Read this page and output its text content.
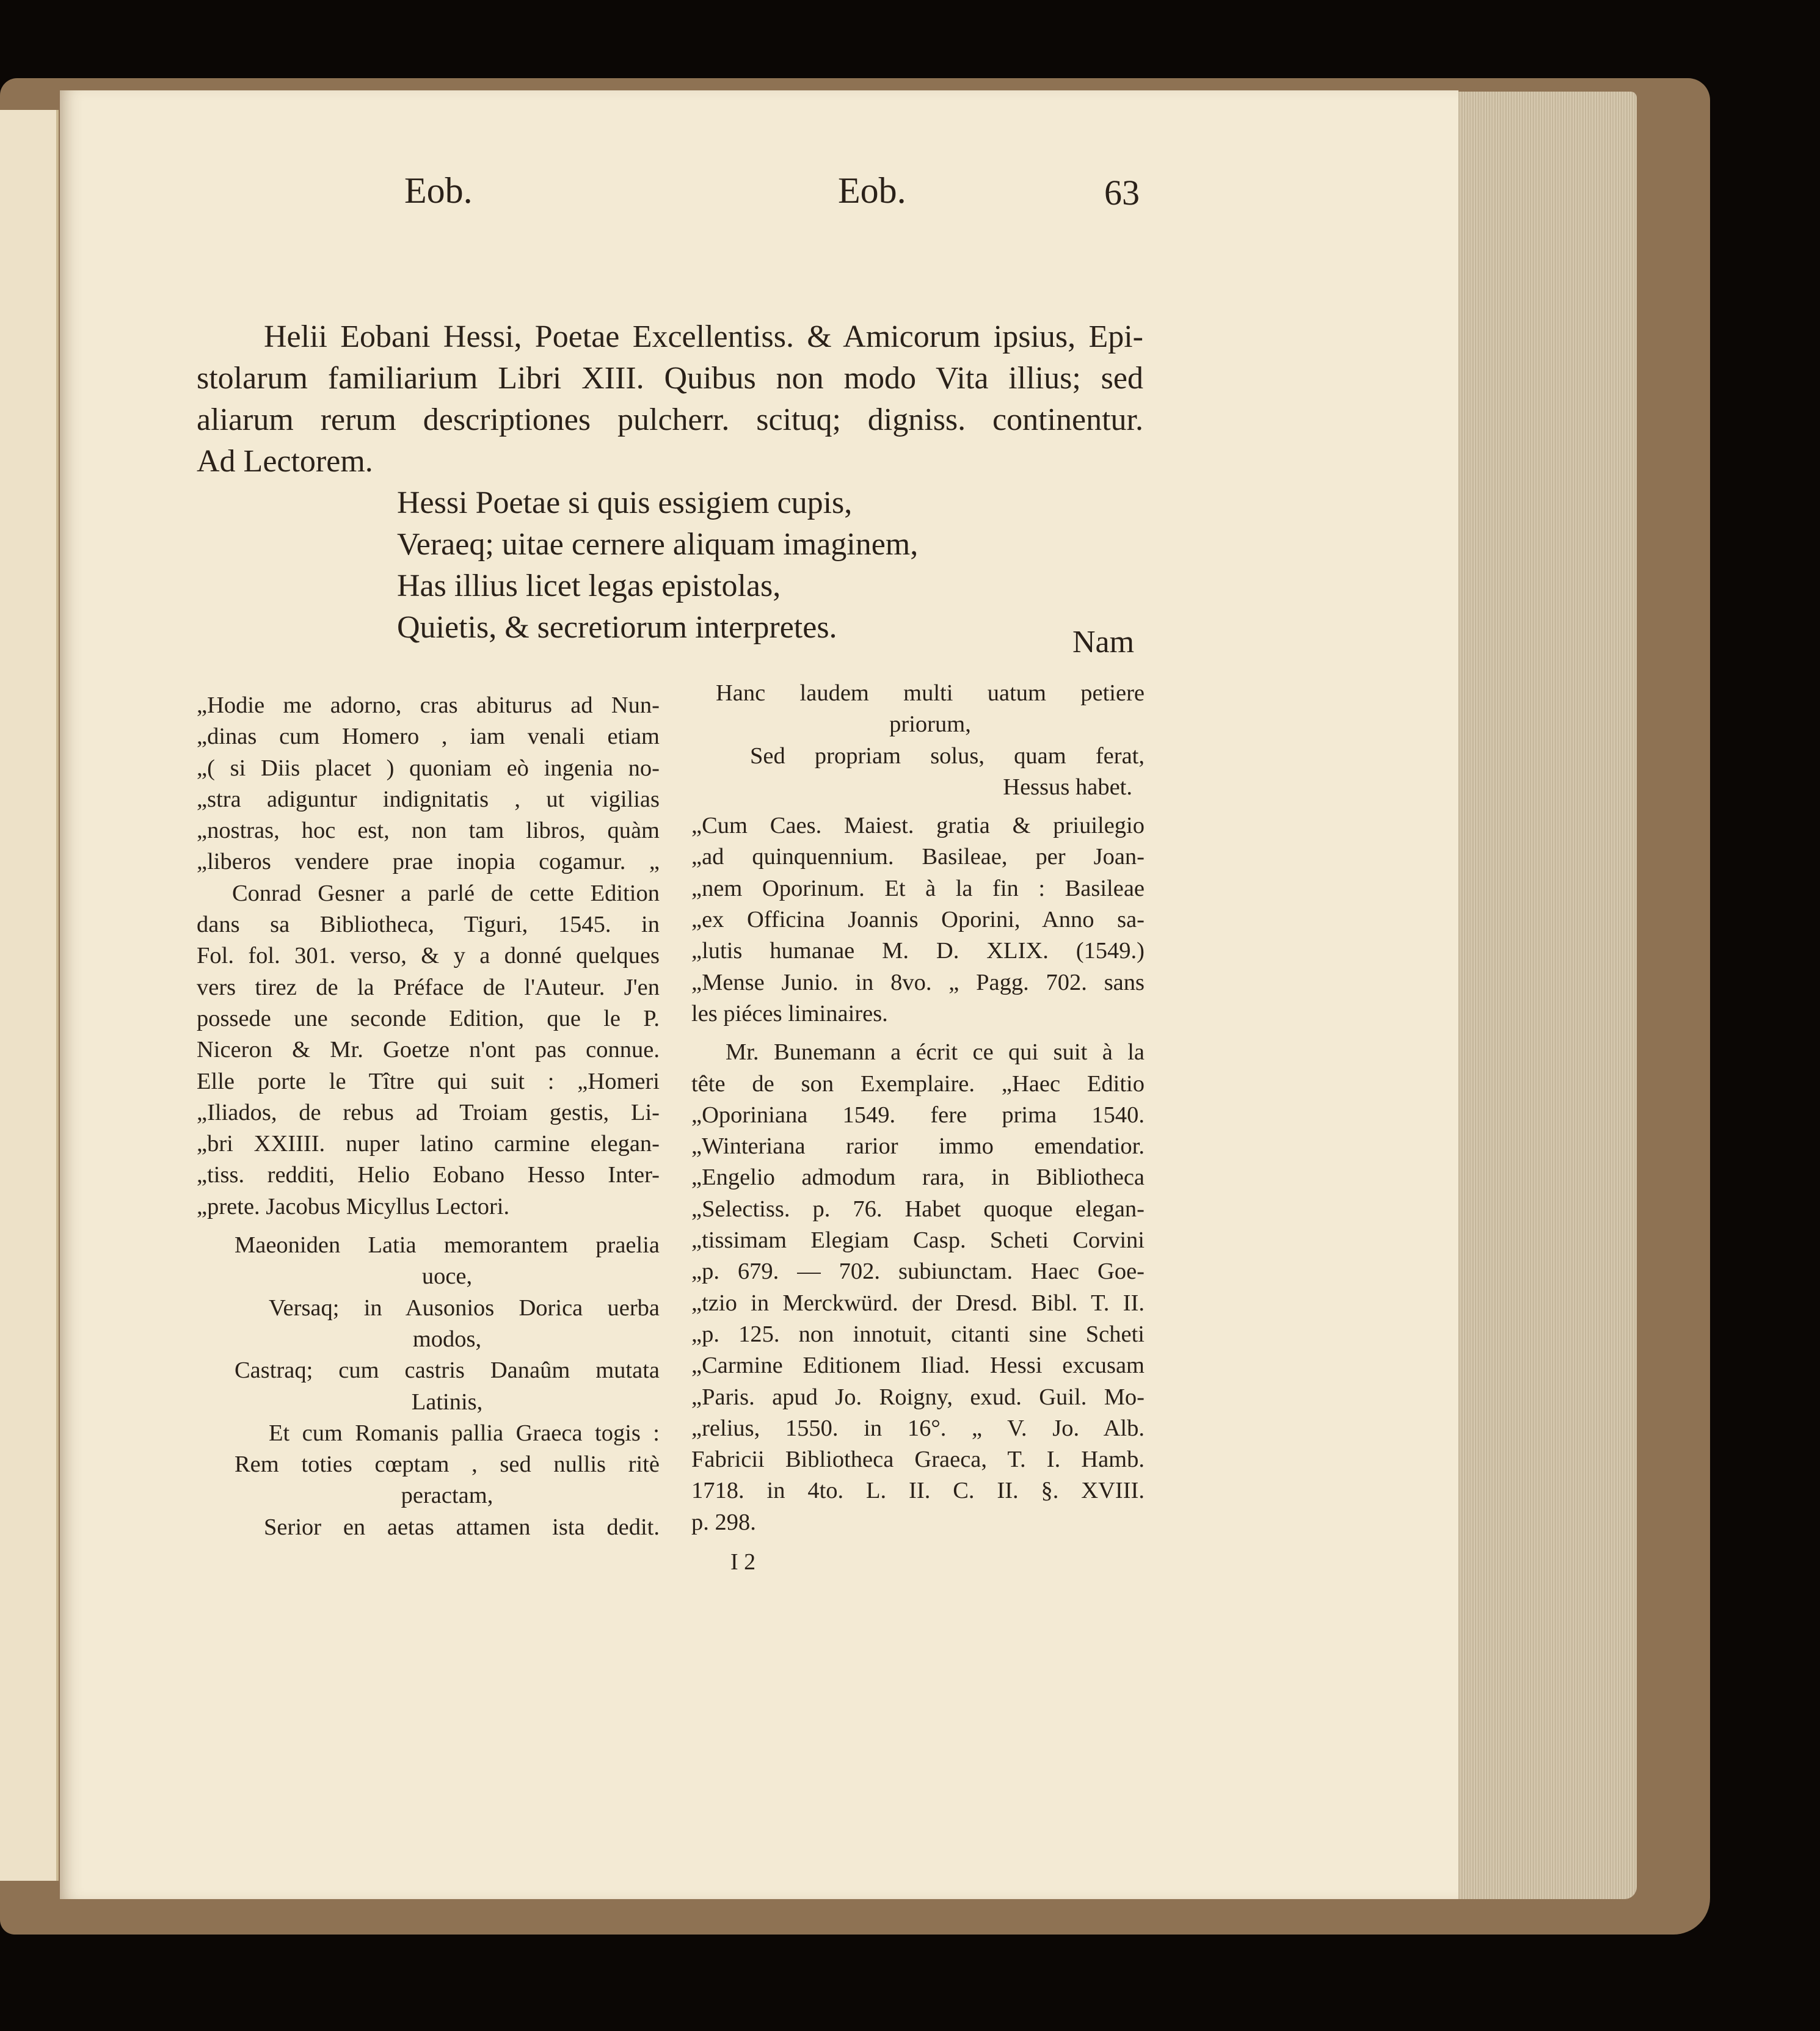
Eob.	Eob.	63
Helii Eobani Hessi, Poetae Excellentiss. & Amicorum ipsius, Epi-
stolarum familiarium Libri XIII. Quibus non modo Vita illius; sed
aliarum rerum descriptiones pulcherr. scituq; digniss. continentur.
Ad Lectorem.
Hessi Poetae si quis essigiem cupis,
Veraeq; uitae cernere aliquam imaginem,
Has illius licet legas epistolas,
Quietis, & secretiorum interpretes.	Nam
„Hodie me adorno, cras abiturus ad Nun-
„dinas cum Homero , iam venali etiam
„( si Diis placet ) quoniam eò ingenia no-
„stra adiguntur indignitatis , ut vigilias
„nostras, hoc est, non tam libros, quàm
„liberos vendere prae inopia cogamur. „
Conrad Gesner a parlé de cette Edition
dans sa Bibliotheca, Tiguri, 1545. in
Fol. fol. 301. verso, & y a donné quelques
vers tirez de la Préface de l'Auteur. J'en
possede une seconde Edition, que le P.
Niceron & Mr. Goetze n'ont pas connue.
Elle porte le Tître qui suit : „Homeri
„Iliados, de rebus ad Troiam gestis, Li-
„bri XXIIII. nuper latino carmine elegan-
„tiss. redditi, Helio Eobano Hesso Inter-
„prete. Jacobus Micyllus Lectori.
Maeoniden Latia memorantem praelia
uoce,
Versaq; in Ausonios Dorica uerba
modos,
Castraq; cum castris Danaûm mutata
Latinis,
Et cum Romanis pallia Graeca togis :
Rem toties cœptam , sed nullis ritè
peractam,
Serior en aetas attamen ista dedit.
Hanc laudem multi uatum petiere
priorum,
Sed propriam solus, quam ferat,
Hessus habet.
„Cum Caes. Maiest. gratia & priuilegio
„ad quinquennium. Basileae, per Joan-
„nem Oporinum. Et à la fin : Basileae
„ex Officina Joannis Oporini, Anno sa-
„lutis humanae M. D. XLIX. (1549.)
„Mense Junio. in 8vo. „ Pagg. 702. sans
les piéces liminaires.
Mr. Bunemann a écrit ce qui suit à la
tête de son Exemplaire. „Haec Editio
„Oporiniana 1549. fere prima 1540.
„Winteriana rarior immo emendatior.
„Engelio admodum rara, in Bibliotheca
„Selectiss. p. 76. Habet quoque elegan-
„tissimam Elegiam Casp. Scheti Corvini
„p. 679. — 702. subiunctam. Haec Goe-
„tzio in Merckwürd. der Dresd. Bibl. T. II.
„p. 125. non innotuit, citanti sine Scheti
„Carmine Editionem Iliad. Hessi excusam
„Paris. apud Jo. Roigny, exud. Guil. Mo-
„relius, 1550. in 16°. „ V. Jo. Alb.
Fabricii Bibliotheca Graeca, T. I. Hamb.
1718. in 4to. L. II. C. II. §. XVIII.
p. 298.
I 2
